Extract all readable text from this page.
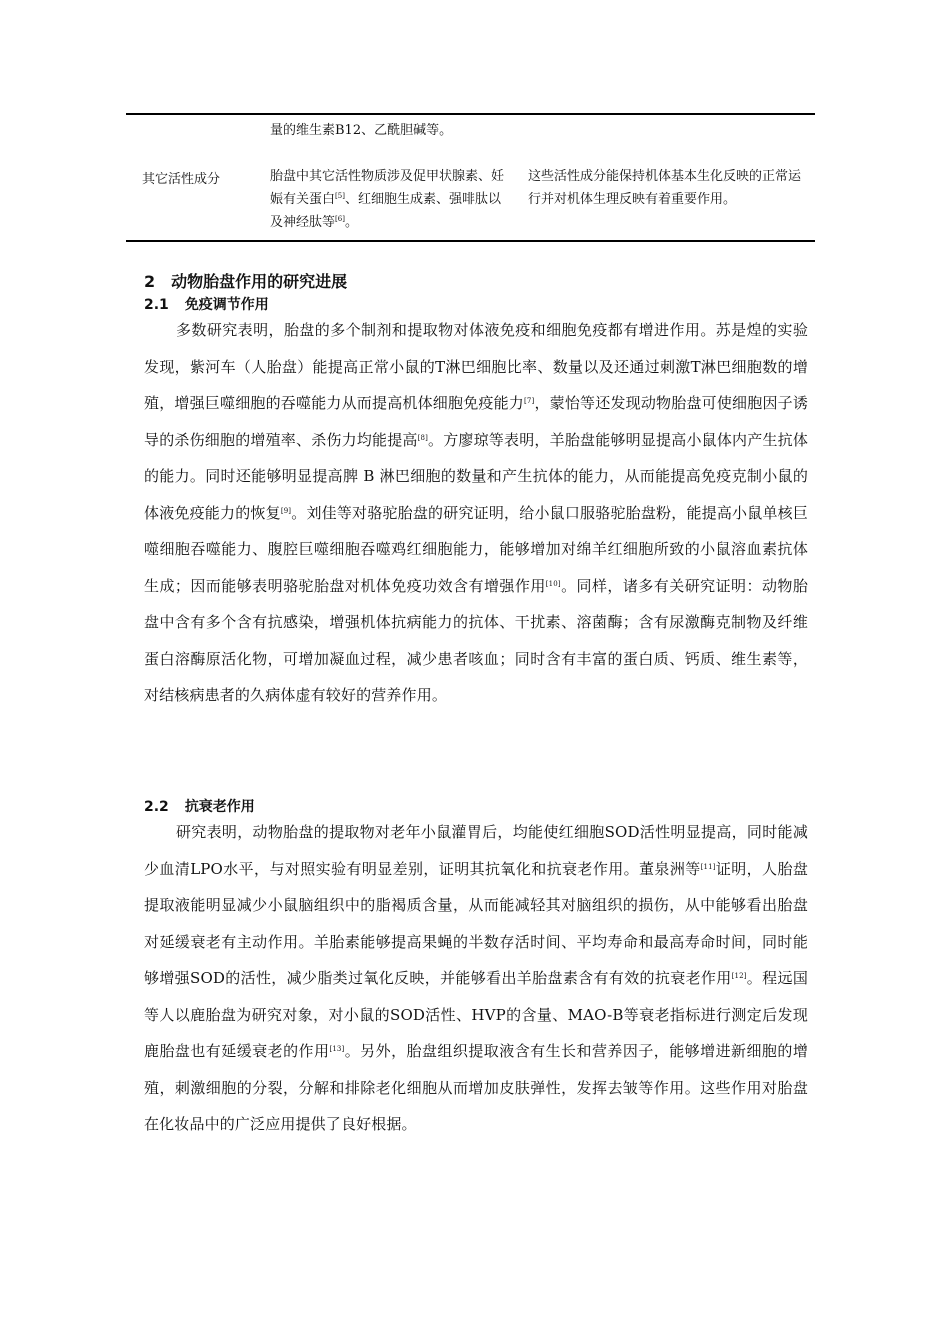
量的维生素B12、乙酰胆碱等。
其它活性成分	胎盘中其它活性物质涉及促甲状腺素、妊娠有关蛋白[5]、红细胞生成素、强啡肽以及神经肽等[6]。
这些活性成分能保持机体基本生化反映的正常运行并对机体生理反映有着重要作用。
2 动物胎盘作用的研究进展
2.1 免疫调节作用

多数研究表明，胎盘的多个制剂和提取物对体液免疫和细胞免疫都有增进作用。苏是煌的实验发现，紫河车（人胎盘）能提高正常小鼠的T淋巴细胞比率、数量以及还通过刺激T淋巴细胞数的增殖，增强巨噬细胞的吞噬能力从而提高机体细胞免疫能力[7]，蒙怡等还发现动物胎盘可使细胞因子诱导的杀伤细胞的增殖率、杀伤力均能提高[8]。方廖琼等表明，羊胎盘能够明显提高小鼠体内产生抗体的能力。同时还能够明显提高脾 B 淋巴细胞的数量和产生抗体的能力，从而能提高免疫克制小鼠的体液免疫能力的恢复[9]。刘佳等对骆驼胎盘的研究证明，给小鼠口服骆驼胎盘粉，能提高小鼠单核巨噬细胞吞噬能力、腹腔巨噬细胞吞噬鸡红细胞能力，能够增加对绵羊红细胞所致的小鼠溶血素抗体生成；因而能够表明骆驼胎盘对机体免疫功效含有增强作用[10]。同样，诸多有关研究证明：动物胎盘中含有多个含有抗感染，增强机体抗病能力的抗体、干扰素、溶菌酶；含有尿激酶克制物及纤维蛋白溶酶原活化物，可增加凝血过程，减少患者咳血；同时含有丰富的蛋白质、钙质、维生素等，对结核病患者的久病体虚有较好的营养作用。

2.2 抗衰老作用

研究表明，动物胎盘的提取物对老年小鼠灌胃后，均能使红细胞SOD活性明显提高，同时能减少血清LPO水平，与对照实验有明显差别，证明其抗氧化和抗衰老作用。董泉洲等[11]证明，人胎盘提取液能明显减少小鼠脑组织中的脂褐质含量，从而能减轻其对脑组织的损伤，从中能够看出胎盘对延缓衰老有主动作用。羊胎素能够提高果蝇的半数存活时间、平均寿命和最高寿命时间，同时能够增强SOD的活性，减少脂类过氧化反映，并能够看出羊胎盘素含有有效的抗衰老作用[12]。程远国等人以鹿胎盘为研究对象，对小鼠的SOD活性、HVP的含量、MAO-B等衰老指标进行测定后发现鹿胎盘也有延缓衰老的作用[13]。另外，胎盘组织提取液含有生长和营养因子，能够增进新细胞的增殖，刺激细胞的分裂，分解和排除老化细胞从而增加皮肤弹性，发挥去皱等作用。这些作用对胎盘在化妆品中的广泛应用提供了良好根据。
